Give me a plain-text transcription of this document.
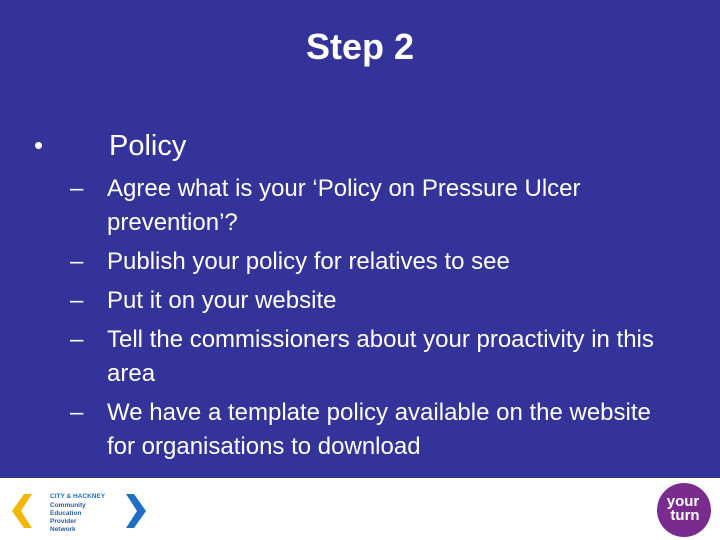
Step 2
• Policy
– Agree what is your ‘Policy on Pressure Ulcer prevention’?
– Publish your policy for relatives to see
– Put it on your website
– Tell the commissioners about your proactivity in this area
– We have a template policy available on the website for organisations to download
CITY & HACKNEY
Community
Education
Provider
Network
your
turn
